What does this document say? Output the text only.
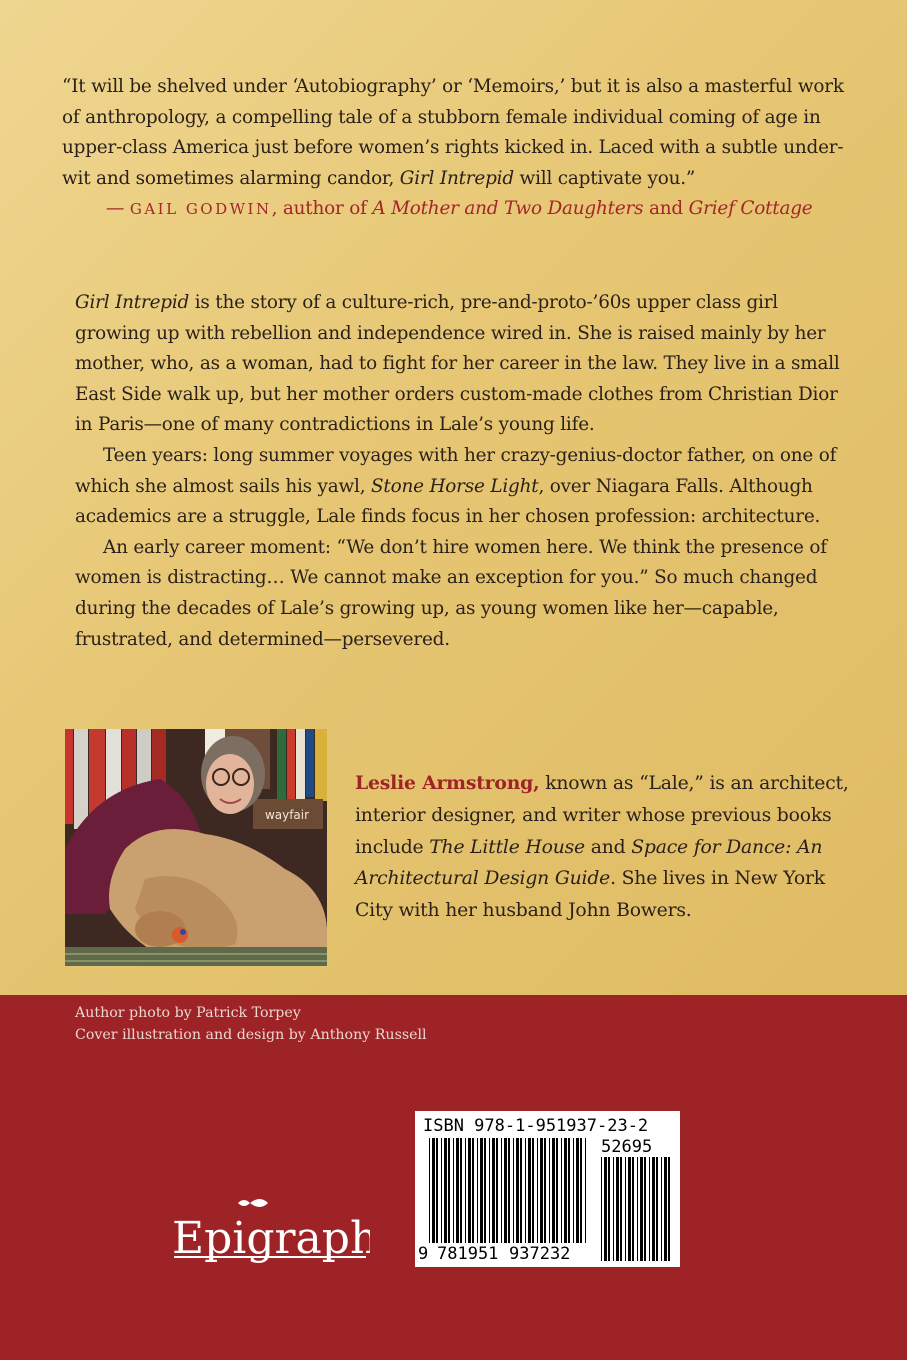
“It will be shelved under ‘Autobiography’ or ‘Memoirs,’ but it is also a masterful work of anthropology, a compelling tale of a stubborn female individual coming of age in upper-class America just before women’s rights kicked in. Laced with a subtle under-wit and sometimes alarming candor, Girl Intrepid will captivate you.”

— GAIL GODWIN, author of A Mother and Two Daughters and Grief Cottage

Girl Intrepid is the story of a culture-rich, pre-and-proto-’60s upper class girl growing up with rebellion and independence wired in. She is raised mainly by her mother, who, as a woman, had to fight for her career in the law. They live in a small East Side walk up, but her mother orders custom-made clothes from Christian Dior in Paris—one of many contradictions in Lale’s young life.

Teen years: long summer voyages with her crazy-genius-doctor father, on one of which she almost sails his yawl, Stone Horse Light, over Niagara Falls. Although academics are a struggle, Lale finds focus in her chosen profession: architecture.

An early career moment: “We don’t hire women here. We think the presence of women is distracting… We cannot make an exception for you.” So much changed during the decades of Lale’s growing up, as young women like her—capable, frustrated, and determined—persevered.

wayfair

Leslie Armstrong, known as “Lale,” is an architect, interior designer, and writer whose previous books include The Little House and Space for Dance: An Architectural Design Guide. She lives in New York City with her husband John Bowers.

Author photo by Patrick Torpey
Cover illustration and design by Anthony Russell

Epigraph
ISBN 978-1-951937-23-2
52695
9 781951 937232
